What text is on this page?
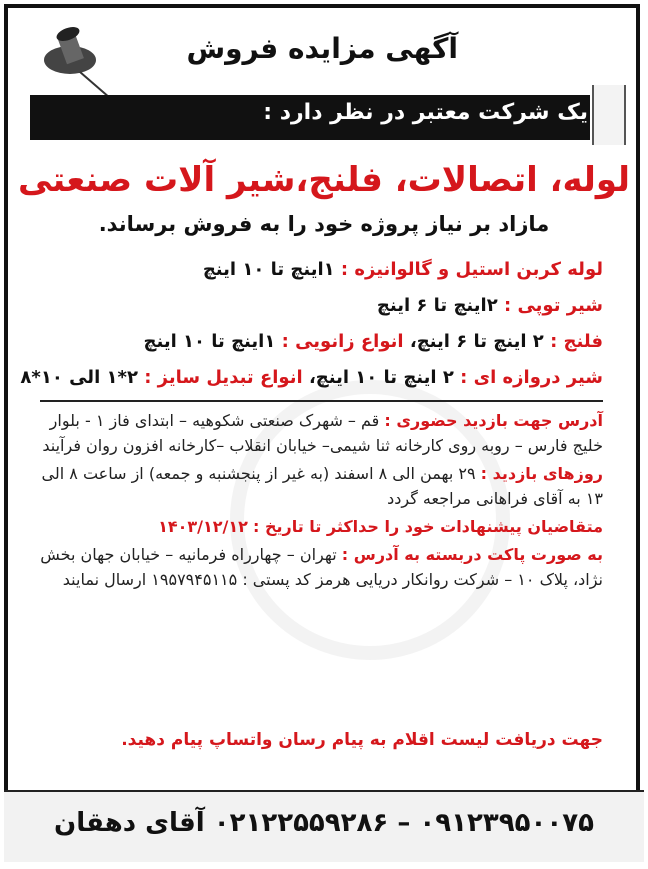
آگهی مزایده فروش
یک شرکت معتبر در نظر دارد :
لوله، اتصالات، فلنج،شیر آلات صنعتی
مازاد بر نیاز پروژه خود را به فروش برساند.
لوله کربن استیل و گالوانیزه : ۱اینچ تا ۱۰ اینچ
شیر توپی : ۲اینچ تا ۶ اینچ
فلنج : ۲ اینچ تا ۶ اینچ، انواع زانویی : ۱اینچ تا ۱۰ اینچ
شیر دروازه ای : ۲ اینچ تا ۱۰ اینچ، انواع تبدیل سایز : ۲*۱ الی ۱۰*۸
آدرس جهت بازدید حضوری : قم – شهرک صنعتی شکوهیه – ابتدای فاز ۱ - بلوار خلیج فارس – روبه روی کارخانه ثنا شیمی– خیابان انقلاب –کارخانه افزون روان فرآیند
روزهای بازدید : ۲۹ بهمن الی ۸ اسفند (به غیر از پنجشنبه و جمعه) از ساعت ۸ الی ۱۳ به آقای فراهانی مراجعه گردد
متقاضیان پیشنهادات خود را حداکثر تا تاریخ : ۱۴۰۳/۱۲/۱۲
به صورت پاکت دربسته به آدرس : تهران – چهارراه فرمانیه – خیابان جهان بخش نژاد، پلاک ۱۰ – شرکت روانکار دریایی هرمز کد پستی : ۱۹۵۷۹۴۵۱۱۵ ارسال نمایند
جهت دریافت لیست اقلام به پیام رسان واتساپ پیام دهید.
۰۹۱۲۳۹۵۰۰۷۵ – ۰۲۱۲۲۵۵۹۲۸۶ آقای دهقان
